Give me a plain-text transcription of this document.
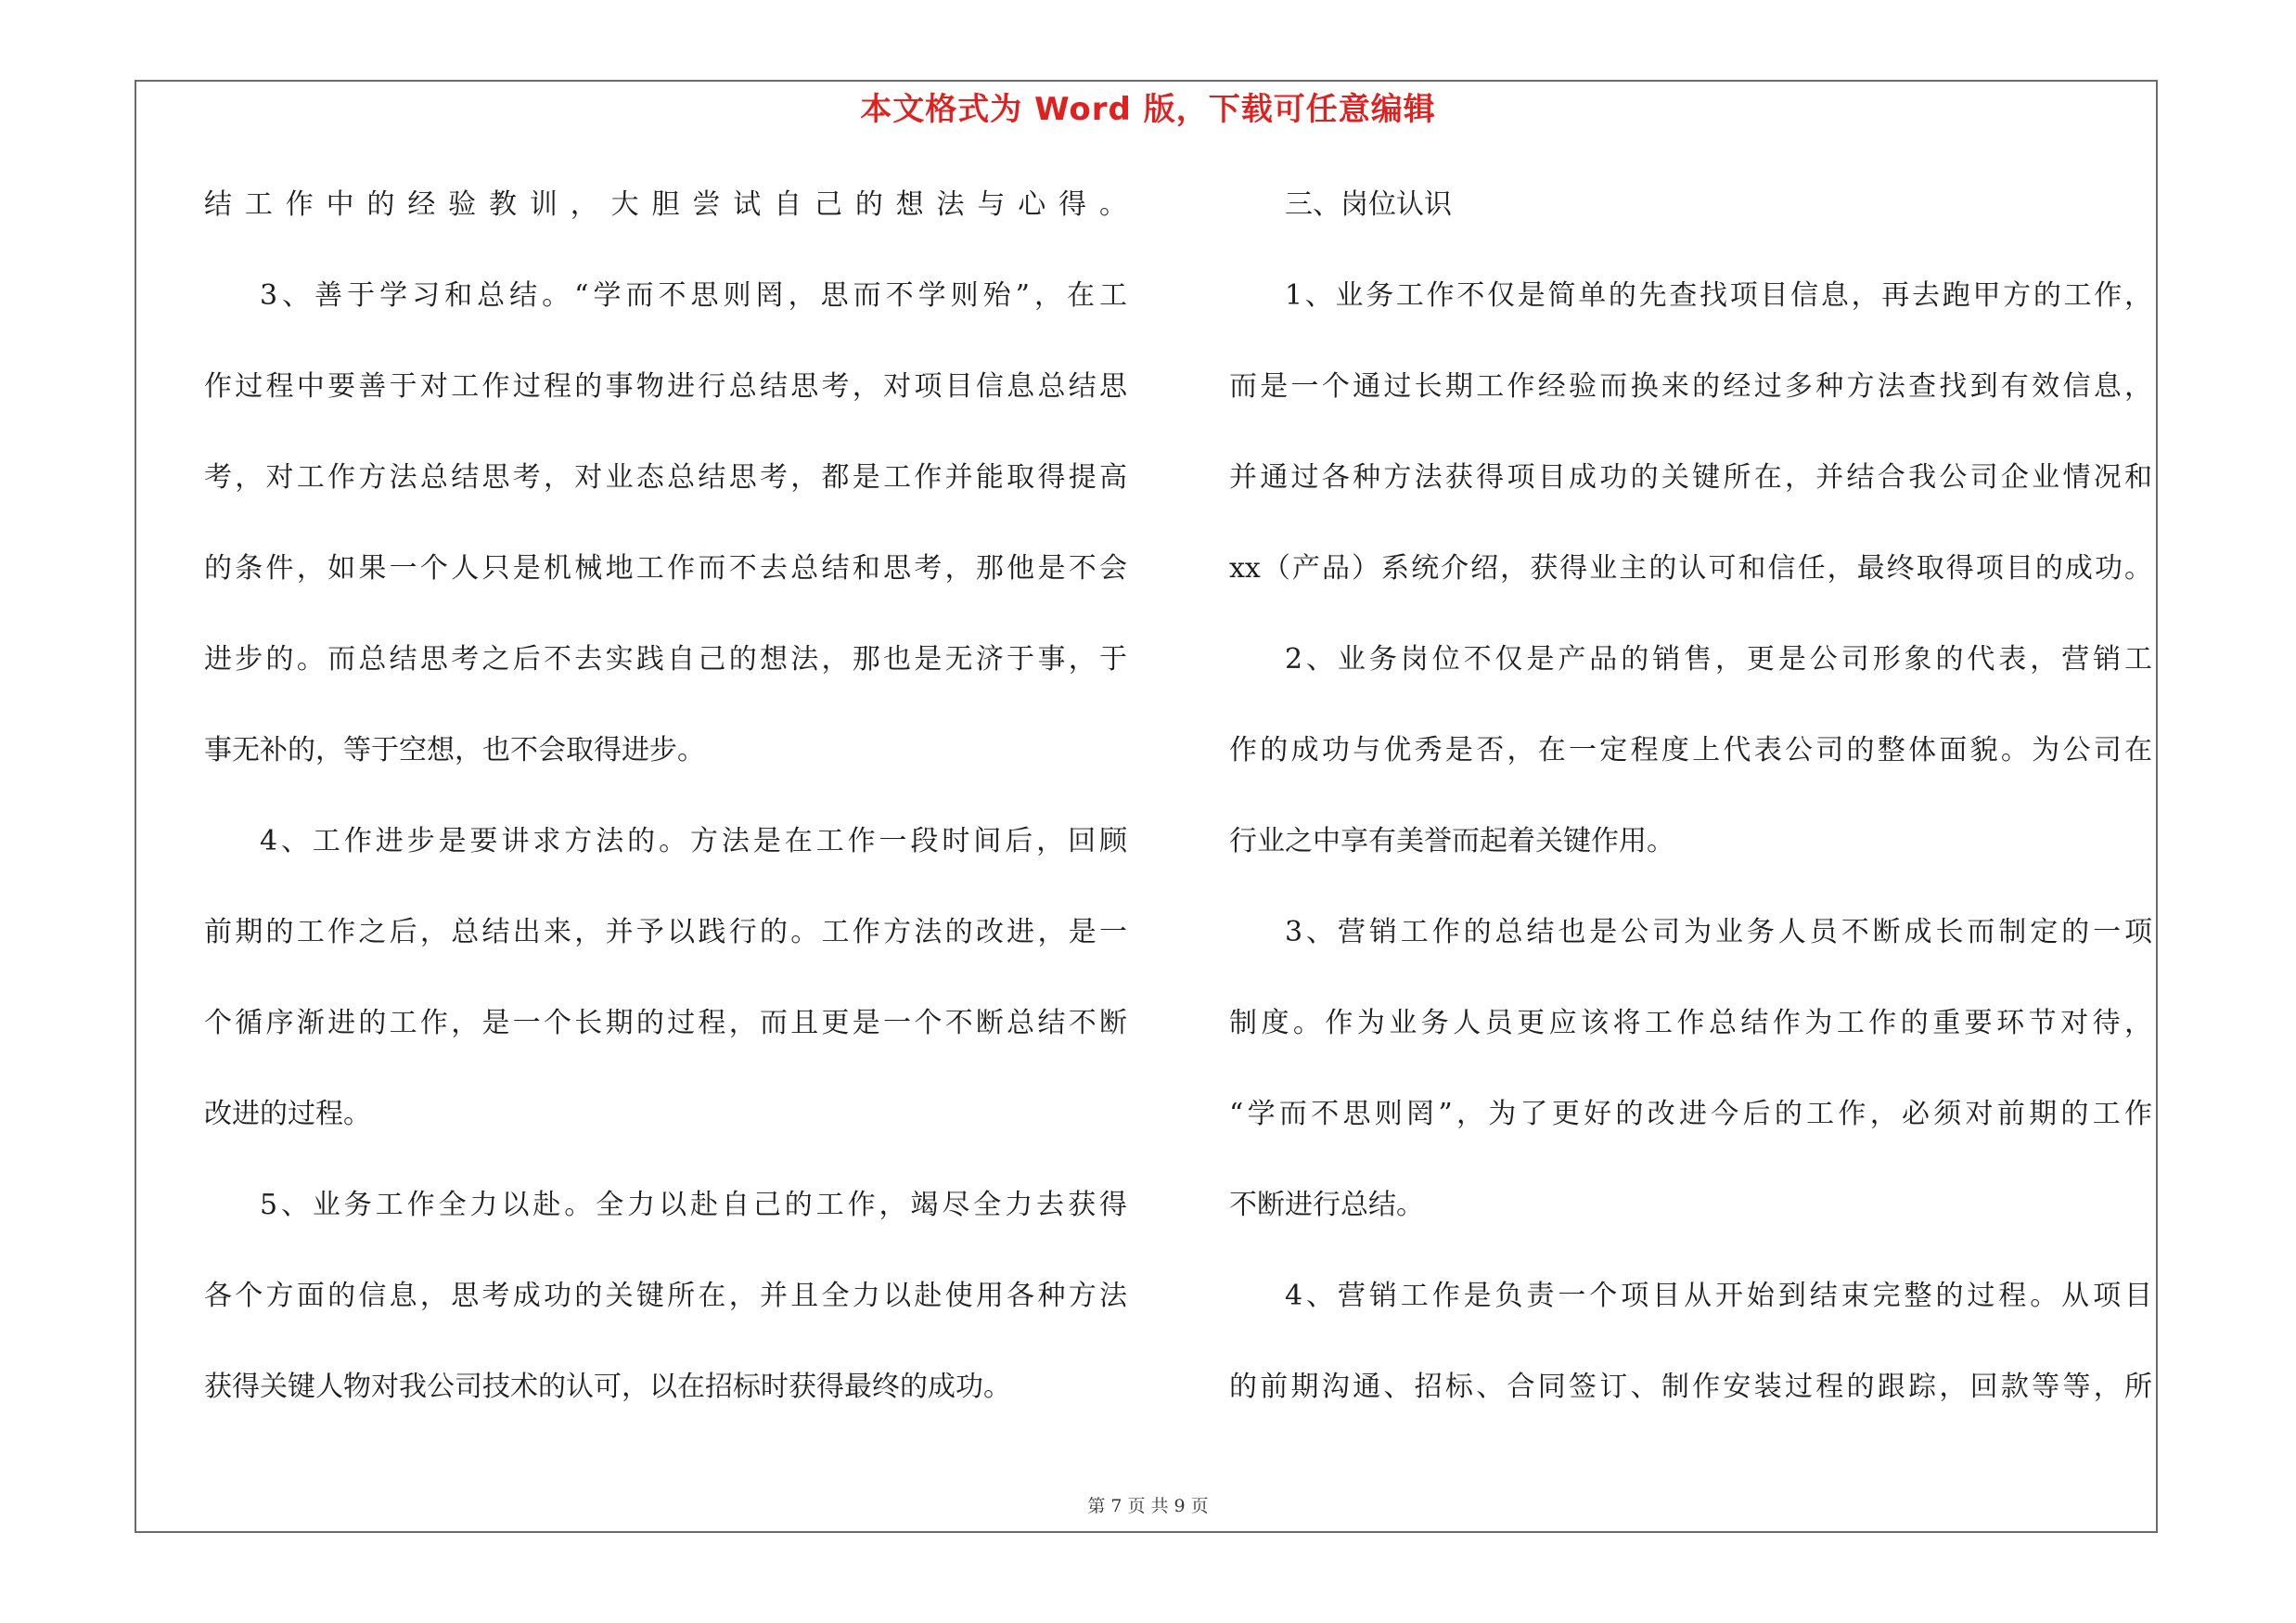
本文格式为 Word 版，下载可任意编辑
结工作中的经验教训，大胆尝试自己的想法与心得。
3、善于学习和总结。“学而不思则罔，思而不学则殆”，在工
作过程中要善于对工作过程的事物进行总结思考，对项目信息总结思
考，对工作方法总结思考，对业态总结思考，都是工作并能取得提高
的条件，如果一个人只是机械地工作而不去总结和思考，那他是不会
进步的。而总结思考之后不去实践自己的想法，那也是无济于事，于
事无补的，等于空想，也不会取得进步。
4、工作进步是要讲求方法的。方法是在工作一段时间后，回顾
前期的工作之后，总结出来，并予以践行的。工作方法的改进，是一
个循序渐进的工作，是一个长期的过程，而且更是一个不断总结不断
改进的过程。
5、业务工作全力以赴。全力以赴自己的工作，竭尽全力去获得
各个方面的信息，思考成功的关键所在，并且全力以赴使用各种方法
获得关键人物对我公司技术的认可，以在招标时获得最终的成功。
三、岗位认识
1、业务工作不仅是简单的先查找项目信息，再去跑甲方的工作，
而是一个通过长期工作经验而换来的经过多种方法查找到有效信息，
并通过各种方法获得项目成功的关键所在，并结合我公司企业情况和
xx（产品）系统介绍，获得业主的认可和信任，最终取得项目的成功。
2、业务岗位不仅是产品的销售，更是公司形象的代表，营销工
作的成功与优秀是否，在一定程度上代表公司的整体面貌。为公司在
行业之中享有美誉而起着关键作用。
3、营销工作的总结也是公司为业务人员不断成长而制定的一项
制度。作为业务人员更应该将工作总结作为工作的重要环节对待，
“学而不思则罔”，为了更好的改进今后的工作，必须对前期的工作
不断进行总结。
4、营销工作是负责一个项目从开始到结束完整的过程。从项目
的前期沟通、招标、合同签订、制作安装过程的跟踪，回款等等，所
第 7 页 共 9 页
